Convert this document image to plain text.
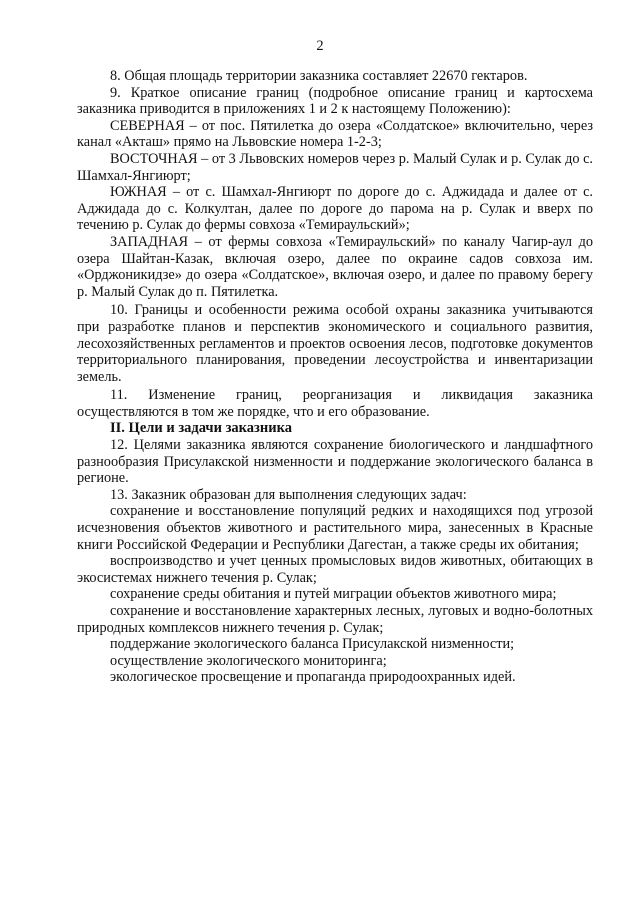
2

8. Общая площадь территории заказника составляет 22670 гектаров.

9. Краткое описание границ (подробное описание границ и картосхема заказника приводится в приложениях 1 и 2 к настоящему Положению):

СЕВЕРНАЯ – от пос. Пятилетка до озера «Солдатское» включительно, через канал «Акташ» прямо на Львовские номера 1-2-3;

ВОСТОЧНАЯ – от 3 Львовских номеров через р. Малый Сулак и р. Сулак до с. Шамхал-Янгиюрт;

ЮЖНАЯ – от с. Шамхал-Янгиюрт по дороге до с. Аджидада и далее от с. Аджидада до с. Колкултан, далее по дороге до парома на р. Сулак и вверх по течению р. Сулак до фермы совхоза «Темираульский»;

ЗАПАДНАЯ – от фермы совхоза «Темираульский» по каналу Чагир-аул до озера Шайтан-Казак, включая озеро, далее по окраине садов совхоза им. «Орджоникидзе» до озера «Солдатское», включая озеро, и далее по правому берегу р. Малый Сулак до п. Пятилетка.

10. Границы и особенности режима особой охраны заказника учитываются при разработке планов и перспектив экономического и социального развития, лесохозяйственных регламентов и проектов освоения лесов, подготовке документов территориального планирования, проведении лесоустройства и инвентаризации земель.

11. Изменение границ, реорганизация и ликвидация заказника осуществляются в том же порядке, что и его образование.

II. Цели и задачи заказника

12. Целями заказника являются сохранение биологического и ландшафтного разнообразия Присулакской низменности и поддержание экологического баланса в регионе.

13. Заказник образован для выполнения следующих задач:

сохранение и восстановление популяций редких и находящихся под угрозой исчезновения объектов животного и растительного мира, занесенных в Красные книги Российской Федерации и Республики Дагестан, а также среды их обитания;

воспроизводство и учет ценных промысловых видов животных, обитающих в экосистемах нижнего течения р. Сулак;

сохранение среды обитания и путей миграции объектов животного мира;

сохранение и восстановление характерных лесных, луговых и водно-болотных природных комплексов нижнего течения р. Сулак;

поддержание экологического баланса Присулакской низменности;

осуществление экологического мониторинга;

экологическое просвещение и пропаганда природоохранных идей.
